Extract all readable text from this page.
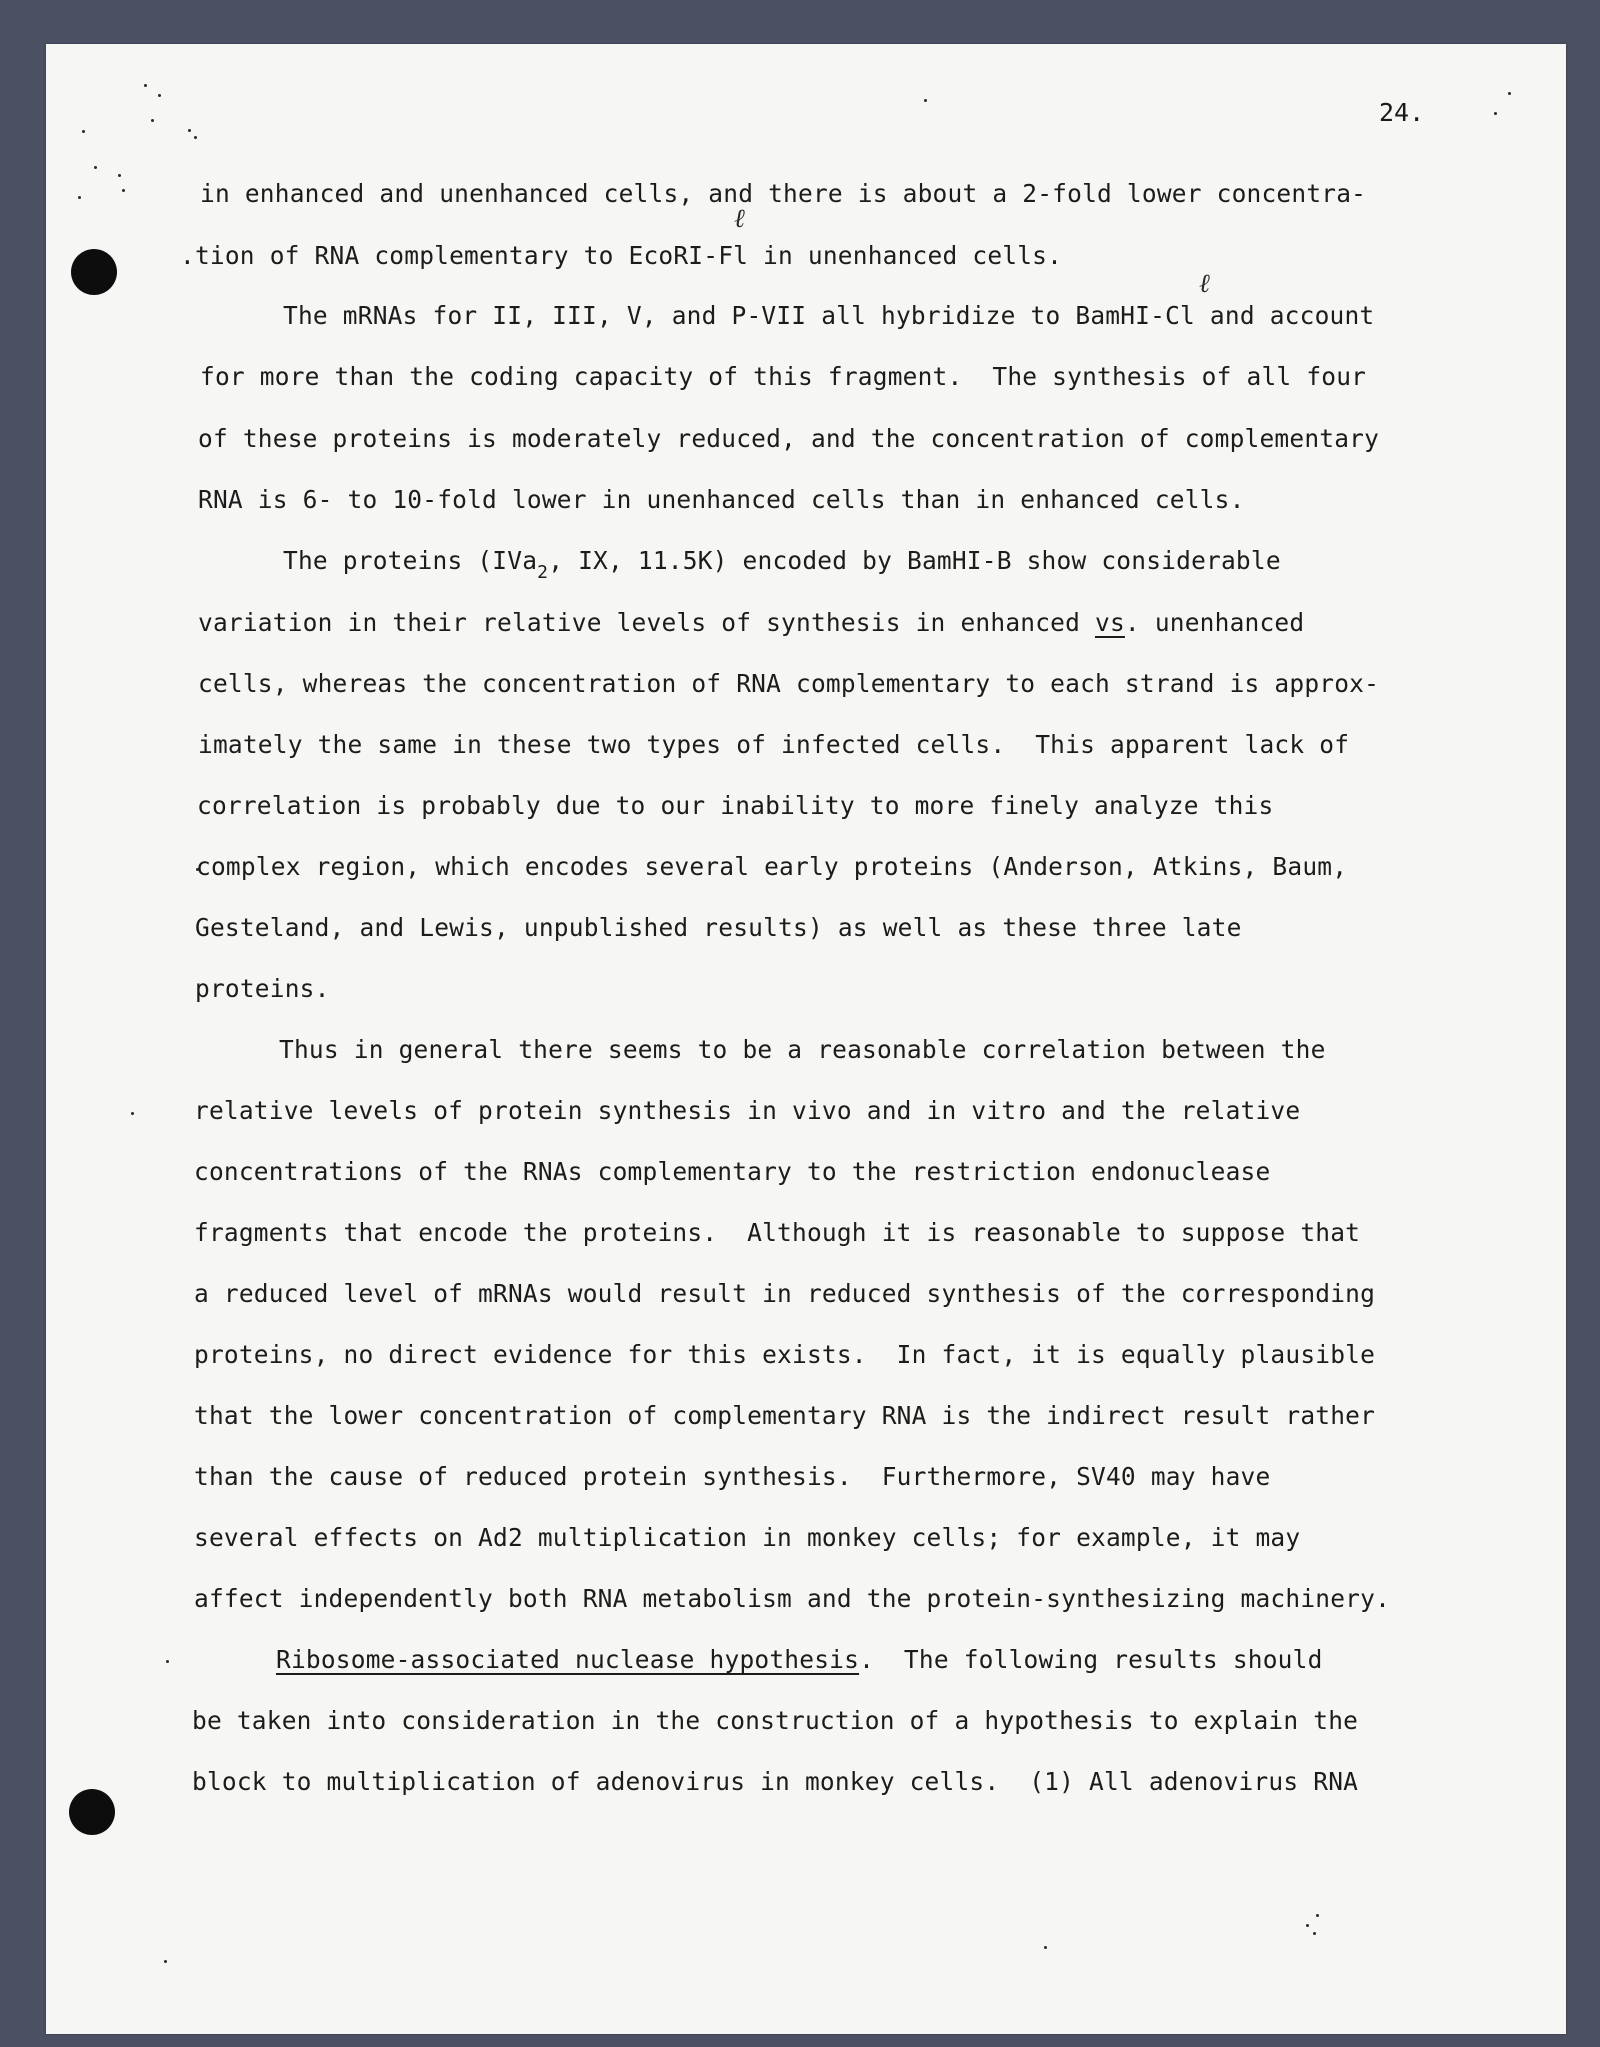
24.
ℓ
ℓ
in enhanced and unenhanced cells, and there is about a 2-fold lower concentra-
.tion of RNA complementary to EcoRI-Fl in unenhanced cells.
The mRNAs for II, III, V, and P-VII all hybridize to BamHI-Cl and account
for more than the coding capacity of this fragment.  The synthesis of all four
of these proteins is moderately reduced, and the concentration of complementary
RNA is 6- to 10-fold lower in unenhanced cells than in enhanced cells.
The proteins (IVa$_2$, IX, 11.5K) encoded by BamHI-B show considerable
variation in their relative levels of synthesis in enhanced vs. unenhanced
cells, whereas the concentration of RNA complementary to each strand is approx-
imately the same in these two types of infected cells.  This apparent lack of
correlation is probably due to our inability to more finely analyze this
complex region, which encodes several early proteins (Anderson, Atkins, Baum,
Gesteland, and Lewis, unpublished results) as well as these three late
proteins.
Thus in general there seems to be a reasonable correlation between the
relative levels of protein synthesis in vivo and in vitro and the relative
concentrations of the RNAs complementary to the restriction endonuclease
fragments that encode the proteins.  Although it is reasonable to suppose that
a reduced level of mRNAs would result in reduced synthesis of the corresponding
proteins, no direct evidence for this exists.  In fact, it is equally plausible
that the lower concentration of complementary RNA is the indirect result rather
than the cause of reduced protein synthesis.  Furthermore, SV40 may have
several effects on Ad2 multiplication in monkey cells; for example, it may
affect independently both RNA metabolism and the protein-synthesizing machinery.
Ribosome-associated nuclease hypothesis.  The following results should
be taken into consideration in the construction of a hypothesis to explain the
block to multiplication of adenovirus in monkey cells.  (1) All adenovirus RNA
